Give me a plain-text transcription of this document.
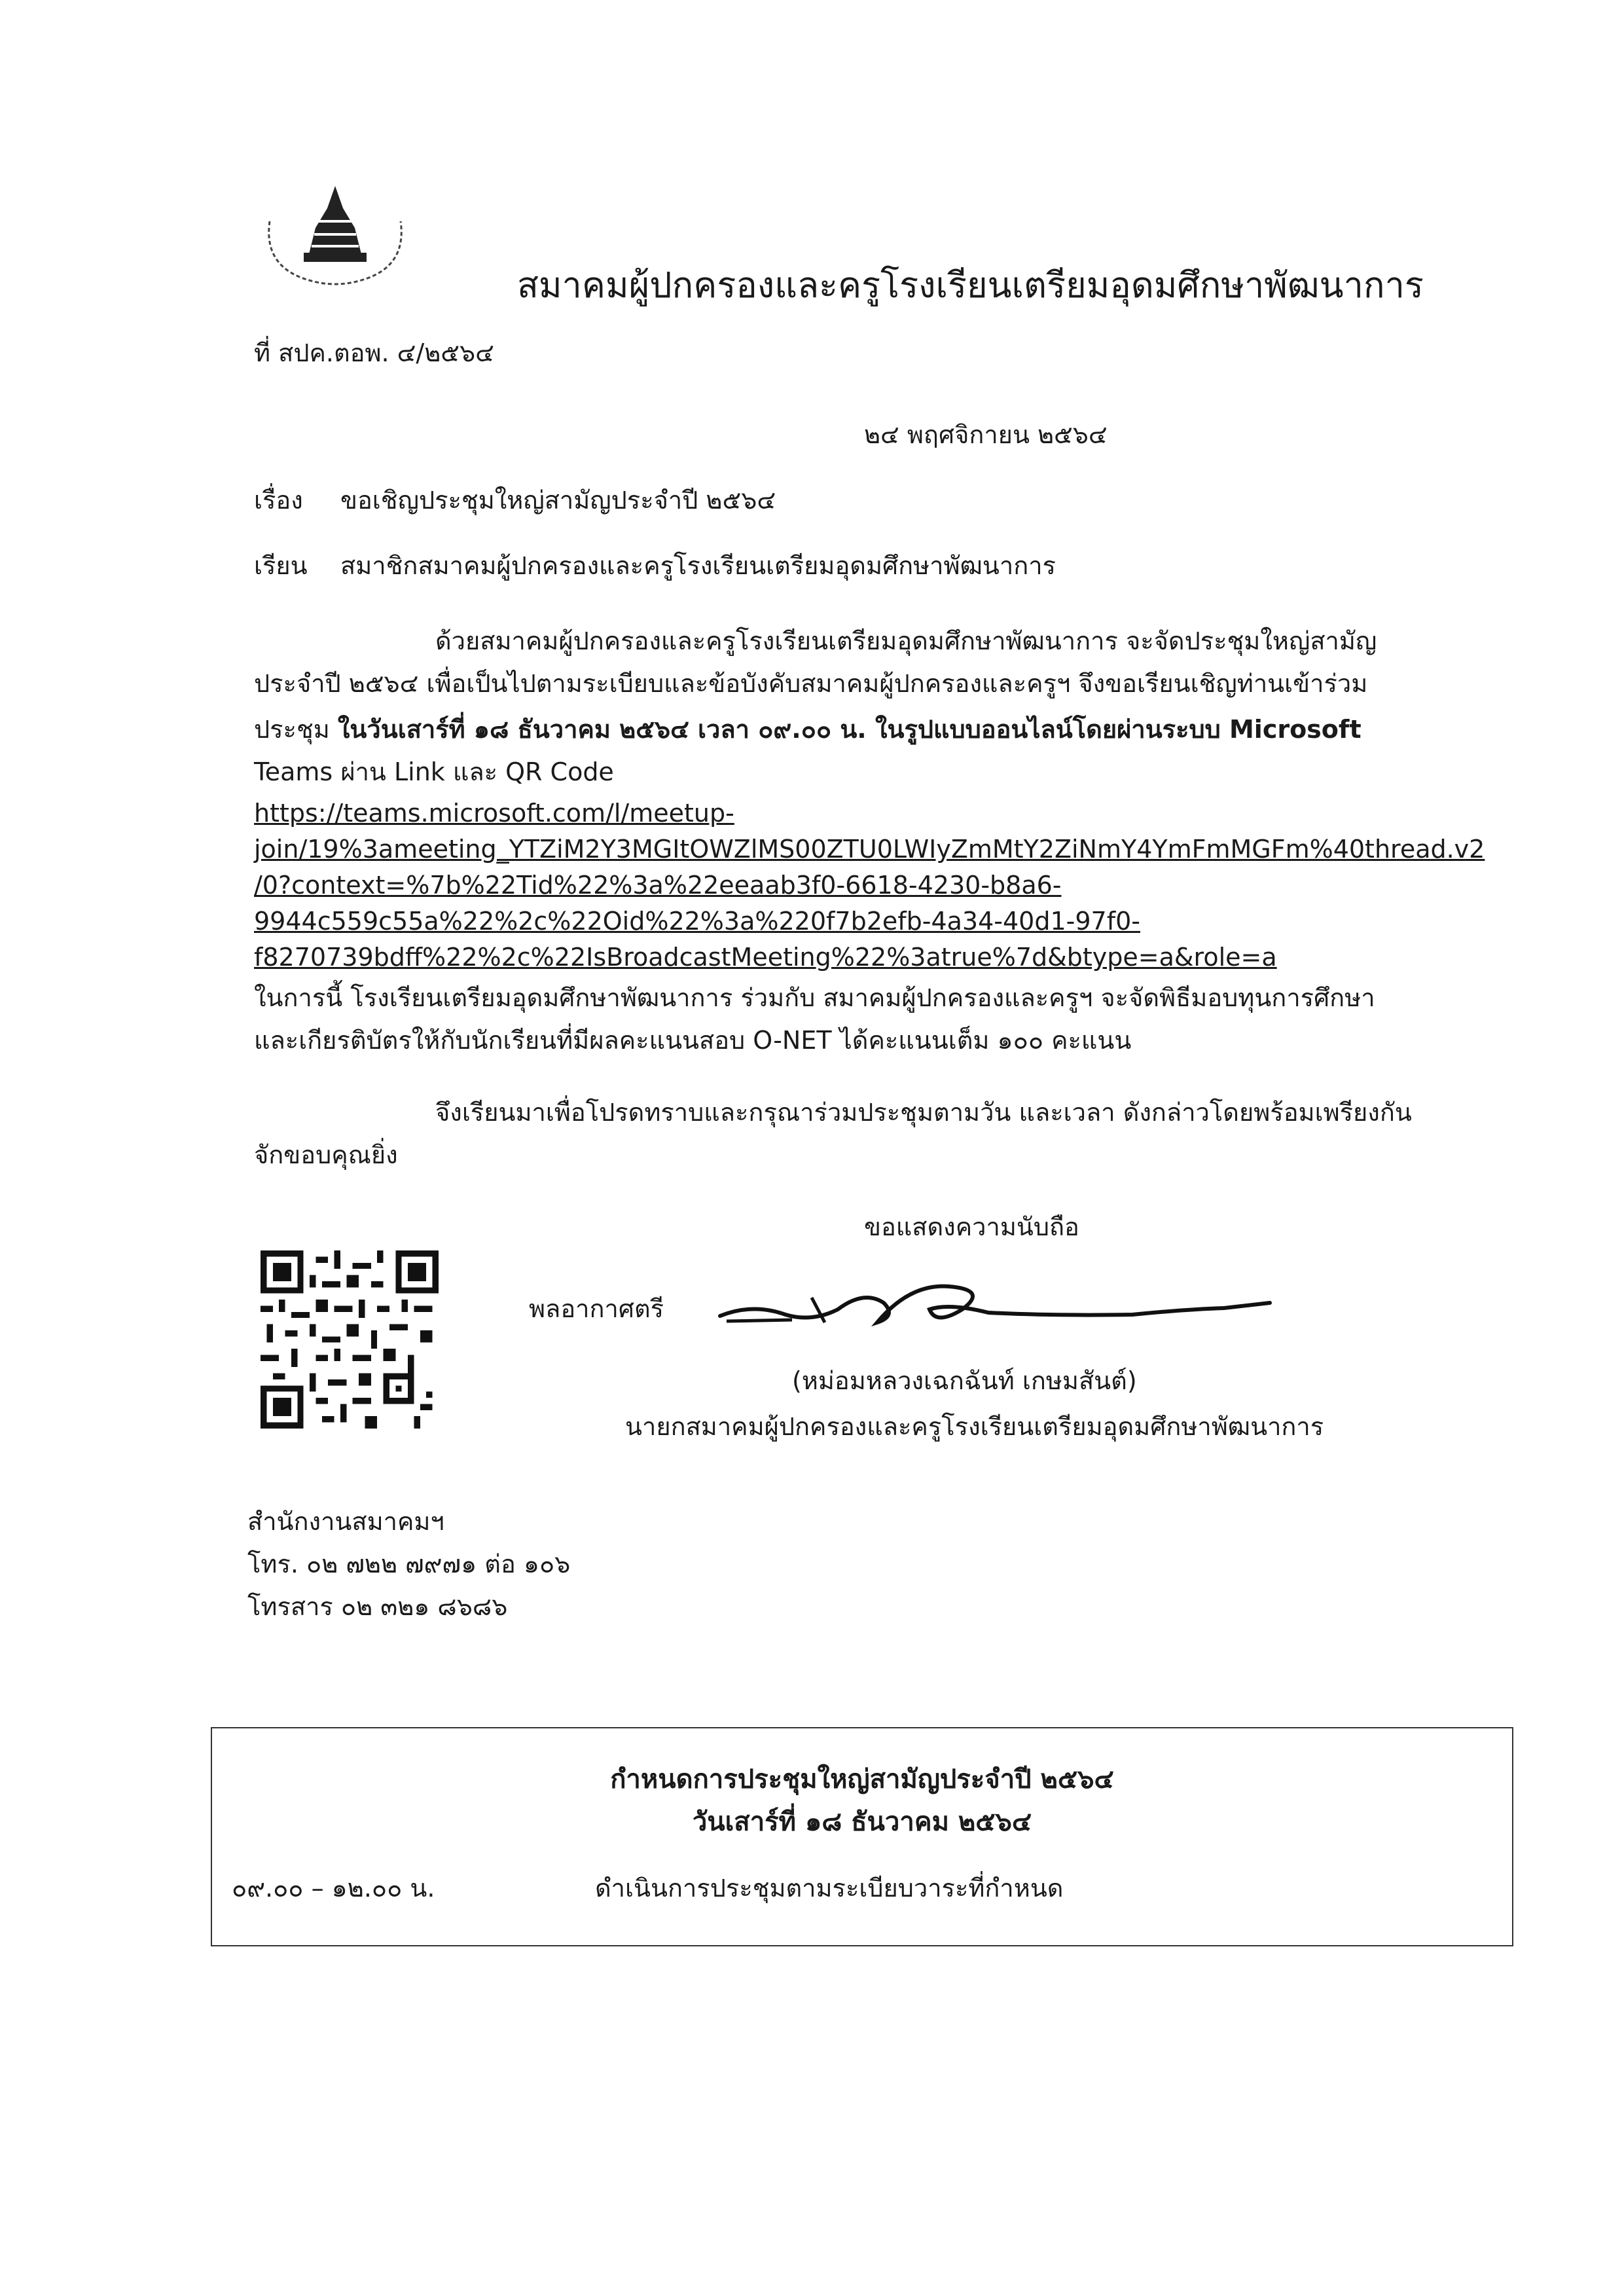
สมาคมผู้ปกครองและครูโรงเรียนเตรียมอุดมศึกษาพัฒนาการ
ที่ สปค.ตอพ. ๔/๒๕๖๔
๒๔ พฤศจิกายน ๒๕๖๔
เรื่อง ขอเชิญประชุมใหญ่สามัญประจำปี ๒๕๖๔
เรียน สมาชิกสมาคมผู้ปกครองและครูโรงเรียนเตรียมอุดมศึกษาพัฒนาการ
ด้วยสมาคมผู้ปกครองและครูโรงเรียนเตรียมอุดมศึกษาพัฒนาการ จะจัดประชุมใหญ่สามัญ
ประจำปี ๒๕๖๔ เพื่อเป็นไปตามระเบียบและข้อบังคับสมาคมผู้ปกครองและครูฯ จึงขอเรียนเชิญท่านเข้าร่วม
ประชุม ในวันเสาร์ที่ ๑๘ ธันวาคม ๒๕๖๔ เวลา ๐๙.๐๐ น. ในรูปแบบออนไลน์โดยผ่านระบบ Microsoft
Teams ผ่าน Link และ QR Code
https://teams.microsoft.com/l/meetup-
join/19%3ameeting_YTZiM2Y3MGItOWZlMS00ZTU0LWIyZmMtY2ZiNmY4YmFmMGFm%40thread.v2
/0?context=%7b%22Tid%22%3a%22eeaab3f0-6618-4230-b8a6-
9944c559c55a%22%2c%22Oid%22%3a%220f7b2efb-4a34-40d1-97f0-
f8270739bdff%22%2c%22IsBroadcastMeeting%22%3atrue%7d&btype=a&role=a
ในการนี้ โรงเรียนเตรียมอุดมศึกษาพัฒนาการ ร่วมกับ สมาคมผู้ปกครองและครูฯ จะจัดพิธีมอบทุนการศึกษา
และเกียรติบัตรให้กับนักเรียนที่มีผลคะแนนสอบ O-NET ได้คะแนนเต็ม ๑๐๐ คะแนน
จึงเรียนมาเพื่อโปรดทราบและกรุณาร่วมประชุมตามวัน และเวลา ดังกล่าวโดยพร้อมเพรียงกัน
จักขอบคุณยิ่ง
ขอแสดงความนับถือ
พลอากาศตรี
(หม่อมหลวงเฉกฉันท์ เกษมสันต์)
นายกสมาคมผู้ปกครองและครูโรงเรียนเตรียมอุดมศึกษาพัฒนาการ
สำนักงานสมาคมฯ
โทร. ๐๒ ๗๒๒ ๗๙๗๑ ต่อ ๑๐๖
โทรสาร ๐๒ ๓๒๑ ๘๖๘๖
กำหนดการประชุมใหญ่สามัญประจำปี ๒๕๖๔
วันเสาร์ที่ ๑๘ ธันวาคม ๒๕๖๔
๐๙.๐๐ – ๑๒.๐๐ น.	ดำเนินการประชุมตามระเบียบวาระที่กำหนด
